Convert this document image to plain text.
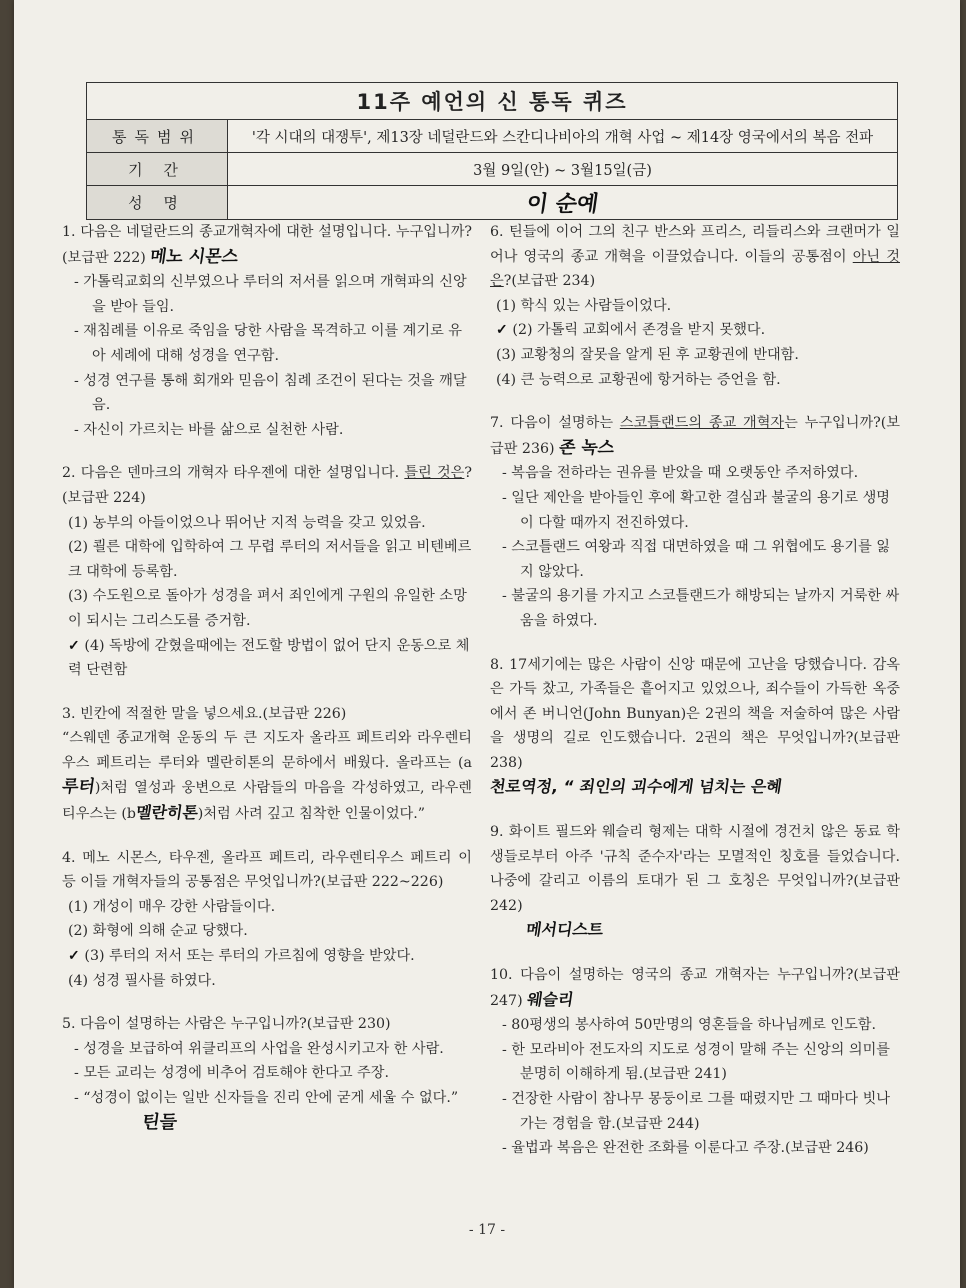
11주 예언의 신 통독 퀴즈	
통독범위	'각 시대의 대쟁투', 제13장 네덜란드와 스칸디나비아의 개혁 사업 ~ 제14장 영국에서의 복음 전파
기 간	3월 9일(안) ~ 3월15일(금)
성 명	이 순예

1. 다음은 네덜란드의 종교개혁자에 대한 설명입니다. 누구입니까?(보급판 222) 메노 시몬스

- 가톨릭교회의 신부였으나 루터의 저서를 읽으며 개혁파의 신앙을 받아 들임.

- 재침례를 이유로 죽임을 당한 사람을 목격하고 이를 계기로 유아 세례에 대해 성경을 연구함.

- 성경 연구를 통해 회개와 믿음이 침례 조건이 된다는 것을 깨달음.

- 자신이 가르치는 바를 삶으로 실천한 사람.

2. 다음은 덴마크의 개혁자 타우젠에 대한 설명입니다. 틀린 것은?(보급판 224)

(1) 농부의 아들이었으나 뛰어난 지적 능력을 갖고 있었음.

(2) 쾰른 대학에 입학하여 그 무렵 루터의 저서들을 읽고 비텐베르크 대학에 등록함.

(3) 수도원으로 돌아가 성경을 펴서 죄인에게 구원의 유일한 소망이 되시는 그리스도를 증거함.

✓ (4) 독방에 갇혔을때에는 전도할 방법이 없어 단지 운동으로 체력 단련함

3. 빈칸에 적절한 말을 넣으세요.(보급판 226)

“스웨덴 종교개혁 운동의 두 큰 지도자 올라프 페트리와 라우렌티우스 페트리는 루터와 멜란히톤의 문하에서 배웠다. 올라프는 (a루터)처럼 열성과 웅변으로 사람들의 마음을 각성하였고, 라우렌티우스는 (b멜란히톤)처럼 사려 깊고 침착한 인물이었다.”

4. 메노 시몬스, 타우젠, 올라프 페트리, 라우렌티우스 페트리 이 등 이들 개혁자들의 공통점은 무엇입니까?(보급판 222~226)

(1) 개성이 매우 강한 사람들이다.

(2) 화형에 의해 순교 당했다.

✓ (3) 루터의 저서 또는 루터의 가르침에 영향을 받았다.

(4) 성경 필사를 하였다.

5. 다음이 설명하는 사람은 누구입니까?(보급판 230)

- 성경을 보급하여 위클리프의 사업을 완성시키고자 한 사람.

- 모든 교리는 성경에 비추어 검토해야 한다고 주장.

- “성경이 없이는 일반 신자들을 진리 안에 굳게 세울 수 없다.”

틴들

6. 틴들에 이어 그의 친구 반스와 프리스, 리들리스와 크랜머가 일어나 영국의 종교 개혁을 이끌었습니다. 이들의 공통점이 아닌 것은?(보급판 234)

(1) 학식 있는 사람들이었다.

✓ (2) 가톨릭 교회에서 존경을 받지 못했다.

(3) 교황청의 잘못을 알게 된 후 교황권에 반대함.

(4) 큰 능력으로 교황권에 항거하는 증언을 함.

7. 다음이 설명하는 스코틀랜드의 종교 개혁자는 누구입니까?(보급판 236) 존 녹스

- 복음을 전하라는 권유를 받았을 때 오랫동안 주저하였다.

- 일단 제안을 받아들인 후에 확고한 결심과 불굴의 용기로 생명이 다할 때까지 전진하였다.

- 스코틀랜드 여왕과 직접 대면하였을 때 그 위협에도 용기를 잃지 않았다.

- 불굴의 용기를 가지고 스코틀랜드가 해방되는 날까지 거룩한 싸움을 하였다.

8. 17세기에는 많은 사람이 신앙 때문에 고난을 당했습니다. 감옥은 가득 찼고, 가족들은 흩어지고 있었으나, 죄수들이 가득한 옥중에서 존 버니언(John Bunyan)은 2권의 책을 저술하여 많은 사람을 생명의 길로 인도했습니다. 2권의 책은 무엇입니까?(보급판 238)

천로역정, “ 죄인의 괴수에게 넘치는 은혜

9. 화이트 필드와 웨슬리 형제는 대학 시절에 경건치 않은 동료 학생들로부터 아주 '규칙 준수자'라는 모멸적인 칭호를 들었습니다. 나중에 갈리고 이름의 토대가 된 그 호칭은 무엇입니까?(보급판242)

메서디스트

10. 다음이 설명하는 영국의 종교 개혁자는 누구입니까?(보급판 247) 웨슬리

- 80평생의 봉사하여 50만명의 영혼들을 하나님께로 인도함.

- 한 모라비아 전도자의 지도로 성경이 말해 주는 신앙의 의미를 분명히 이해하게 됨.(보급판 241)

- 건장한 사람이 참나무 몽둥이로 그를 때렸지만 그 때마다 빗나가는 경험을 함.(보급판 244)

- 율법과 복음은 완전한 조화를 이룬다고 주장.(보급판 246)

- 17 -
